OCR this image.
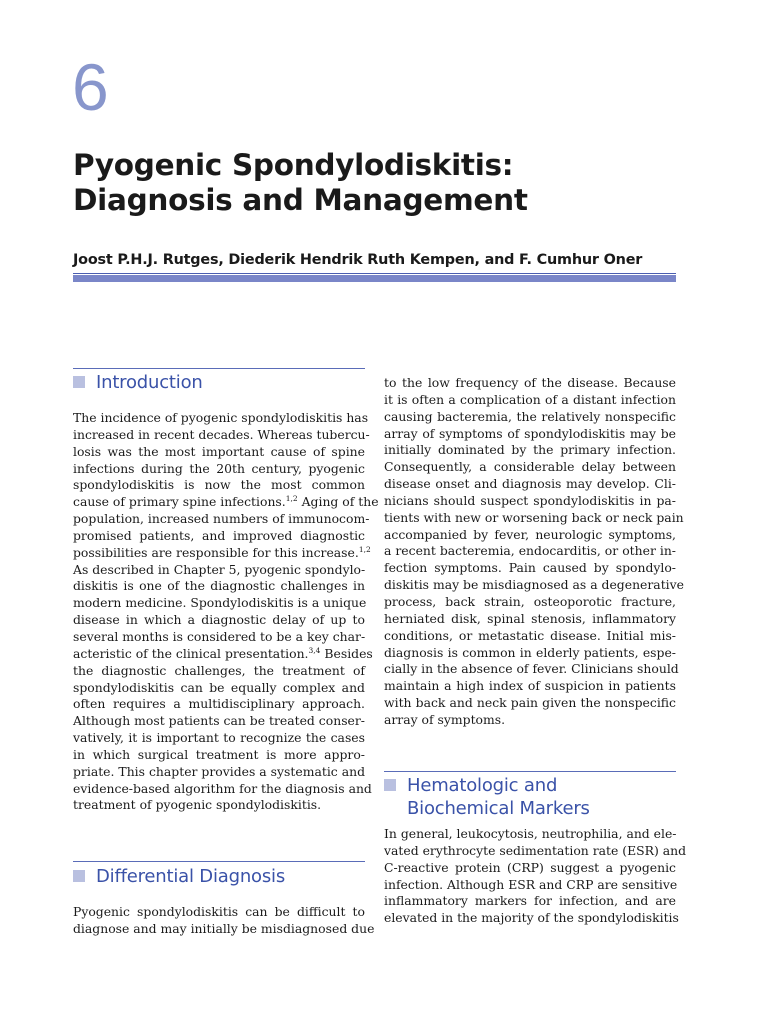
6
Pyogenic Spondylodiskitis:
Diagnosis and Management
Joost P.H.J. Rutges, Diederik Hendrik Ruth Kempen, and F. Cumhur Oner
Introduction
The incidence of pyogenic spondylodiskitis has
increased in recent decades. Whereas tubercu-
losis was the most important cause of spine
infections during the 20th century, pyogenic
spondylodiskitis is now the most common
cause of primary spine infections.$^{1,2}$ Aging of the
population, increased numbers of immunocom-
promised patients, and improved diagnostic
possibilities are responsible for this increase.$^{1,2}$
As described in Chapter 5, pyogenic spondylo-
diskitis is one of the diagnostic challenges in
modern medicine. Spondylodiskitis is a unique
disease in which a diagnostic delay of up to
several months is considered to be a key char-
acteristic of the clinical presentation.$^{3,4}$ Besides
the diagnostic challenges, the treatment of
spondylodiskitis can be equally complex and
often requires a multidisciplinary approach.
Although most patients can be treated conser-
vatively, it is important to recognize the cases
in which surgical treatment is more appro-
priate. This chapter provides a systematic and
evidence-based algorithm for the diagnosis and
treatment of pyogenic spondylodiskitis.
Differential Diagnosis
Pyogenic spondylodiskitis can be difficult to
diagnose and may initially be misdiagnosed due
to the low frequency of the disease. Because
it is often a complication of a distant infection
causing bacteremia, the relatively nonspecific
array of symptoms of spondylodiskitis may be
initially dominated by the primary infection.
Consequently, a considerable delay between
disease onset and diagnosis may develop. Cli-
nicians should suspect spondylodiskitis in pa-
tients with new or worsening back or neck pain
accompanied by fever, neurologic symptoms,
a recent bacteremia, endocarditis, or other in-
fection symptoms. Pain caused by spondylo-
diskitis may be misdiagnosed as a degenerative
process, back strain, osteoporotic fracture,
herniated disk, spinal stenosis, inflammatory
conditions, or metastatic disease. Initial mis-
diagnosis is common in elderly patients, espe-
cially in the absence of fever. Clinicians should
maintain a high index of suspicion in patients
with back and neck pain given the nonspecific
array of symptoms.
Hematologic and
Biochemical Markers
In general, leukocytosis, neutrophilia, and ele-
vated erythrocyte sedimentation rate (ESR) and
C-reactive protein (CRP) suggest a pyogenic
infection. Although ESR and CRP are sensitive
inflammatory markers for infection, and are
elevated in the majority of the spondylodiskitis
